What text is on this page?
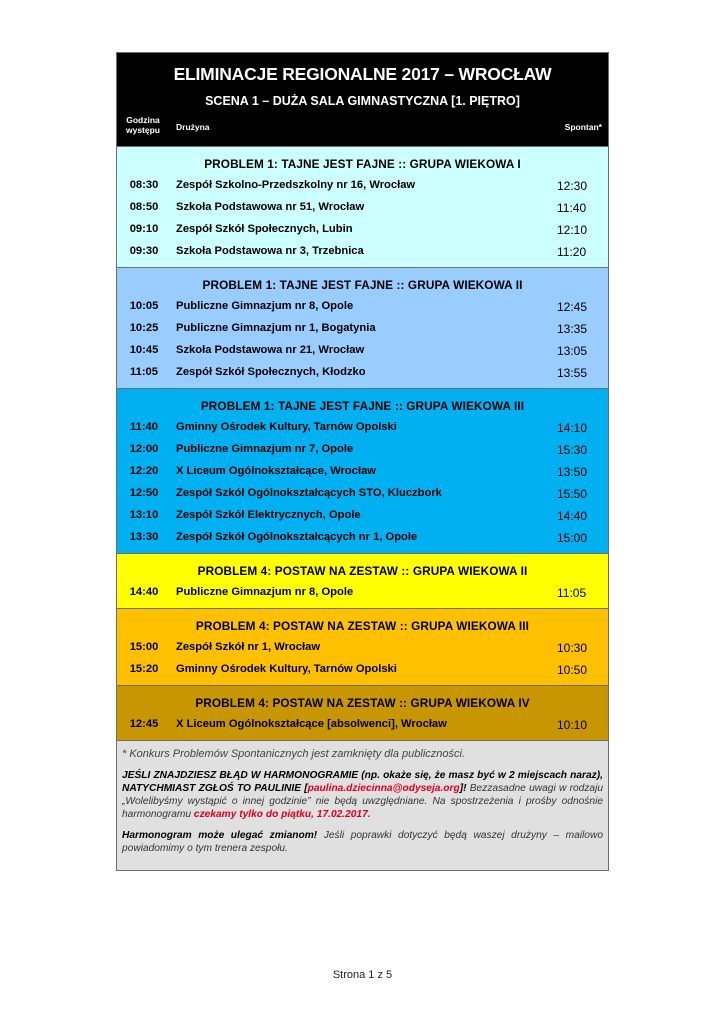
ELIMINACJE REGIONALNE 2017 – WROCŁAW
SCENA 1 – DUŻA SALA GIMNASTYCZNA [1. PIĘTRO]
Godzina występu	Drużyna	Spontan*
PROBLEM 1: TAJNE JEST FAJNE :: GRUPA WIEKOWA I
08:30	Zespół Szkolno-Przedszkolny nr 16, Wrocław	12:30
08:50	Szkoła Podstawowa nr 51, Wrocław	11:40
09:10	Zespół Szkół Społecznych, Lubin	12:10
09:30	Szkoła Podstawowa nr 3, Trzebnica	11:20
PROBLEM 1: TAJNE JEST FAJNE :: GRUPA WIEKOWA II
10:05	Publiczne Gimnazjum nr 8, Opole	12:45
10:25	Publiczne Gimnazjum nr 1, Bogatynia	13:35
10:45	Szkoła Podstawowa nr 21, Wrocław	13:05
11:05	Zespół Szkół Społecznych, Kłodzko	13:55
PROBLEM 1: TAJNE JEST FAJNE :: GRUPA WIEKOWA III
11:40	Gminny Ośrodek Kultury, Tarnów Opolski	14:10
12:00	Publiczne Gimnazjum nr 7, Opole	15:30
12:20	X Liceum Ogólnokształcące, Wrocław	13:50
12:50	Zespół Szkół Ogólnokształcących STO, Kluczbork	15:50
13:10	Zespół Szkół Elektrycznych, Opole	14:40
13:30	Zespół Szkół Ogólnokształcących nr 1, Opole	15:00
PROBLEM 4: POSTAW NA ZESTAW :: GRUPA WIEKOWA II
14:40	Publiczne Gimnazjum nr 8, Opole	11:05
PROBLEM 4: POSTAW NA ZESTAW :: GRUPA WIEKOWA III
15:00	Zespół Szkół nr 1, Wrocław	10:30
15:20	Gminny Ośrodek Kultury, Tarnów Opolski	10:50
PROBLEM 4: POSTAW NA ZESTAW :: GRUPA WIEKOWA IV
12:45	X Liceum Ogólnokształcące [absolwenci], Wrocław	10:10
* Konkurs Problemów Spontanicznych jest zamknięty dla publiczności.
JEŚLI ZNAJDZIESZ BŁĄD W HARMONOGRAMIE (np. okaże się, że masz być w 2 miejscach naraz), NATYCHMIAST ZGŁOŚ TO PAULINIE [paulina.dziecinna@odyseja.org]! Bezzasadne uwagi w rodzaju „Wolelibyśmy wystąpić o innej godzinie” nie będą uwzględniane. Na spostrzeżenia i prośby odnośnie harmonogramu czekamy tylko do piątku, 17.02.2017.
Harmonogram może ulegać zmianom! Jeśli poprawki dotyczyć będą waszej drużyny – mailowo powiadomimy o tym trenera zespołu.
Strona 1 z 5
